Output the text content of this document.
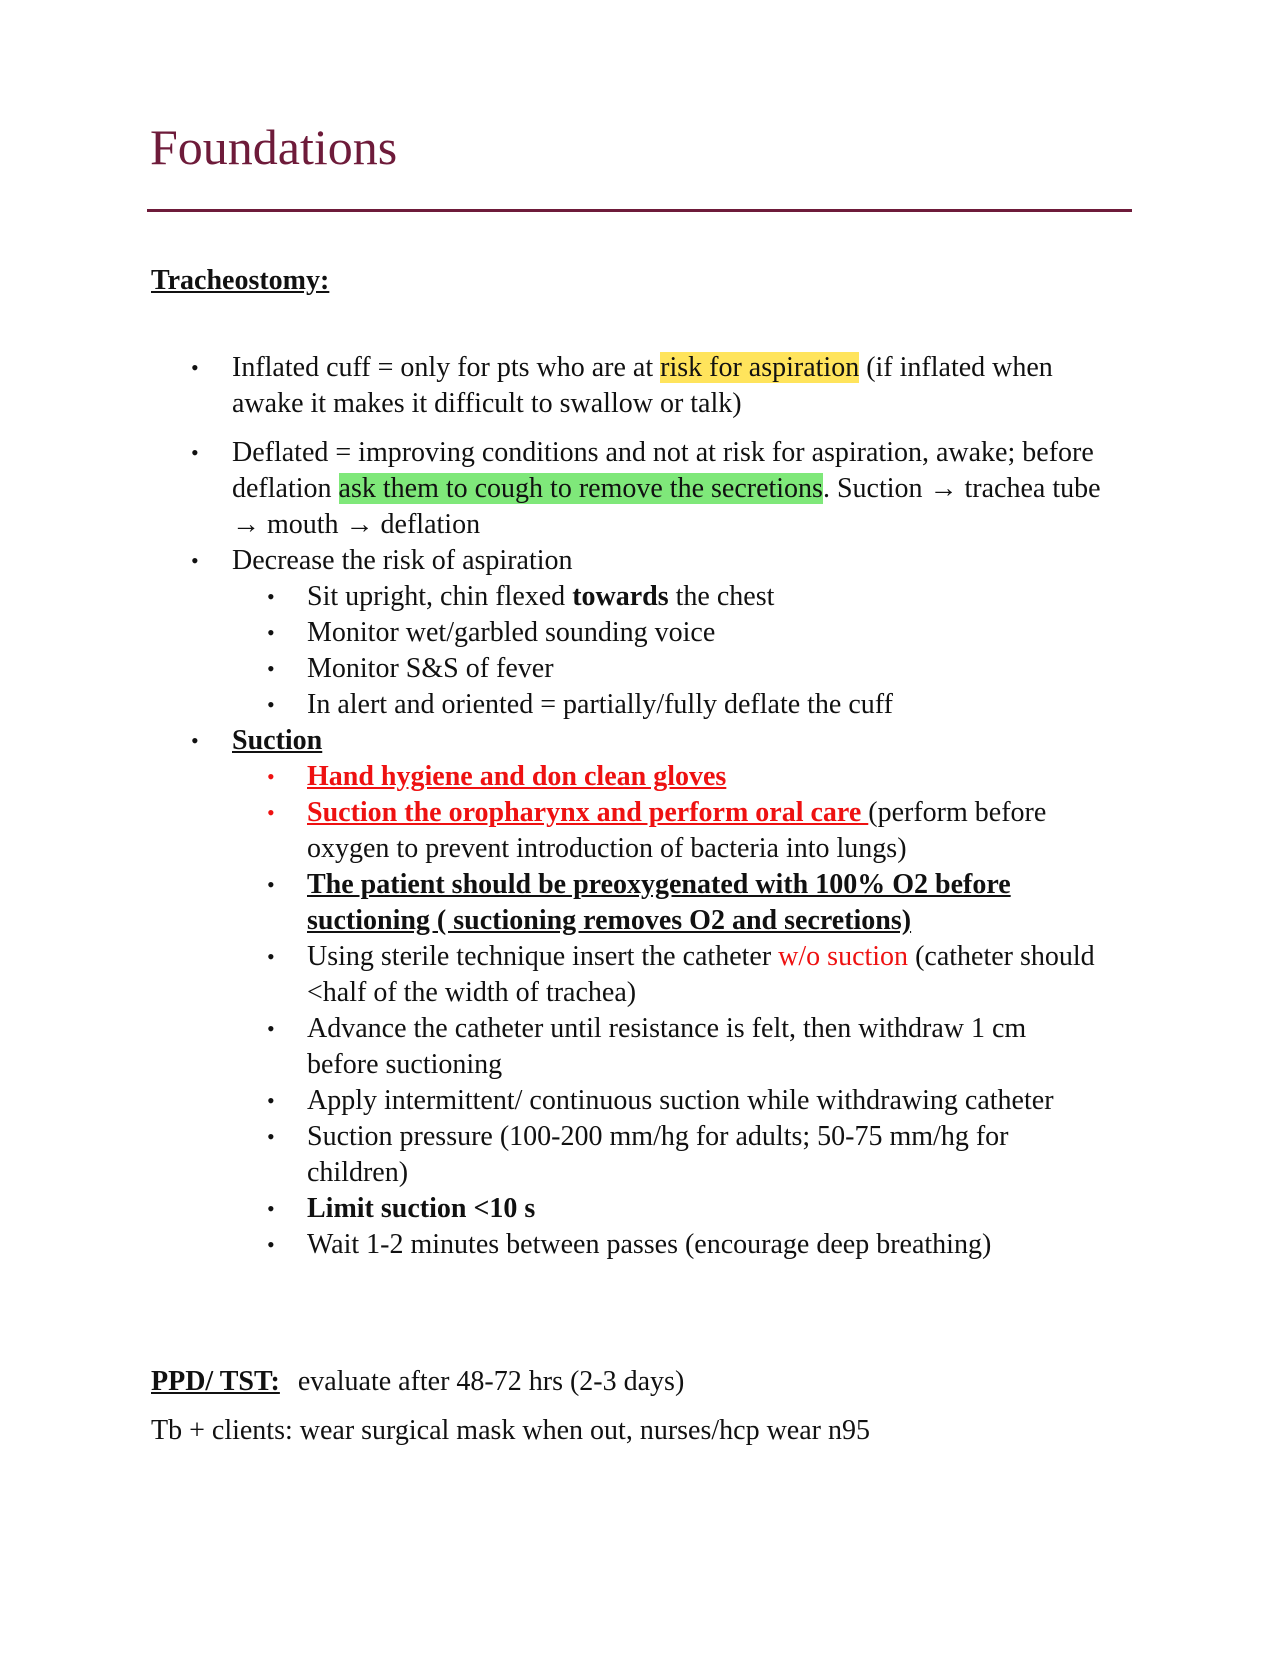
Foundations
Tracheostomy:
• Inflated cuff = only for pts who are at risk for aspiration (if inflated when awake it makes it difficult to swallow or talk)
• Deflated = improving conditions and not at risk for aspiration, awake; before deflation ask them to cough to remove the secretions. Suction → trachea tube → mouth → deflation
• Decrease the risk of aspiration
• Sit upright, chin flexed towards the chest
• Monitor wet/garbled sounding voice
• Monitor S&S of fever
• In alert and oriented = partially/fully deflate the cuff
• Suction
• Hand hygiene and don clean gloves
• Suction the oropharynx and perform oral care (perform before oxygen to prevent introduction of bacteria into lungs)
• The patient should be preoxygenated with 100% O2 before suctioning ( suctioning removes O2 and secretions)
• Using sterile technique insert the catheter w/o suction (catheter should <half of the width of trachea)
• Advance the catheter until resistance is felt, then withdraw 1 cm before suctioning
• Apply intermittent/ continuous suction while withdrawing catheter
• Suction pressure (100-200 mm/hg for adults; 50-75 mm/hg for children)
• Limit suction <10 s
• Wait 1-2 minutes between passes (encourage deep breathing)
PPD/ TST: evaluate after 48-72 hrs (2-3 days)
Tb + clients: wear surgical mask when out, nurses/hcp wear n95
